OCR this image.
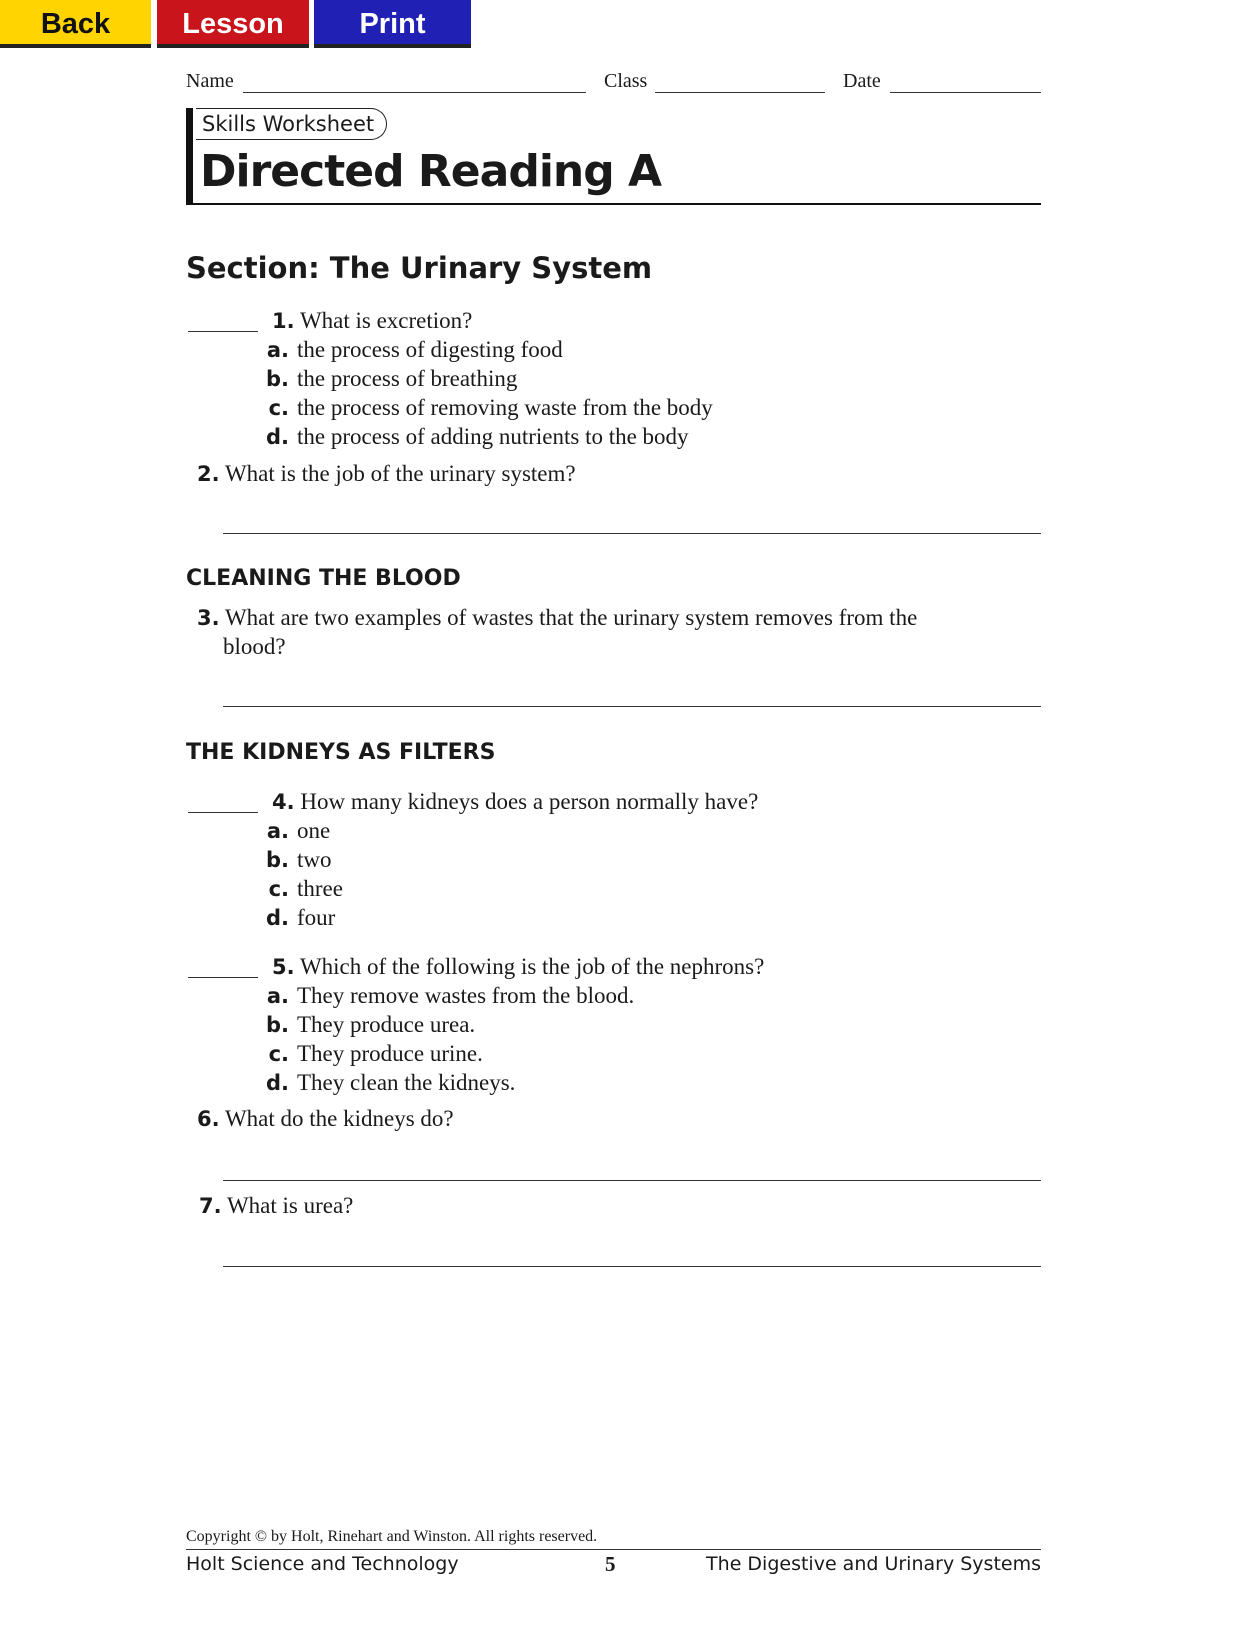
Back	Lesson	Print
Name	Class	Date
Skills Worksheet
Directed Reading A
Section: The Urinary System
1. What is excretion?
a. the process of digesting food
b. the process of breathing
c. the process of removing waste from the body
d. the process of adding nutrients to the body
2. What is the job of the urinary system?
CLEANING THE BLOOD
3. What are two examples of wastes that the urinary system removes from the
blood?
THE KIDNEYS AS FILTERS
4. How many kidneys does a person normally have?
a. one
b. two
c. three
d. four
5. Which of the following is the job of the nephrons?
a. They remove wastes from the blood.
b. They produce urea.
c. They produce urine.
d. They clean the kidneys.
6. What do the kidneys do?
7. What is urea?
Copyright © by Holt, Rinehart and Winston. All rights reserved.
Holt Science and Technology	5	The Digestive and Urinary Systems
